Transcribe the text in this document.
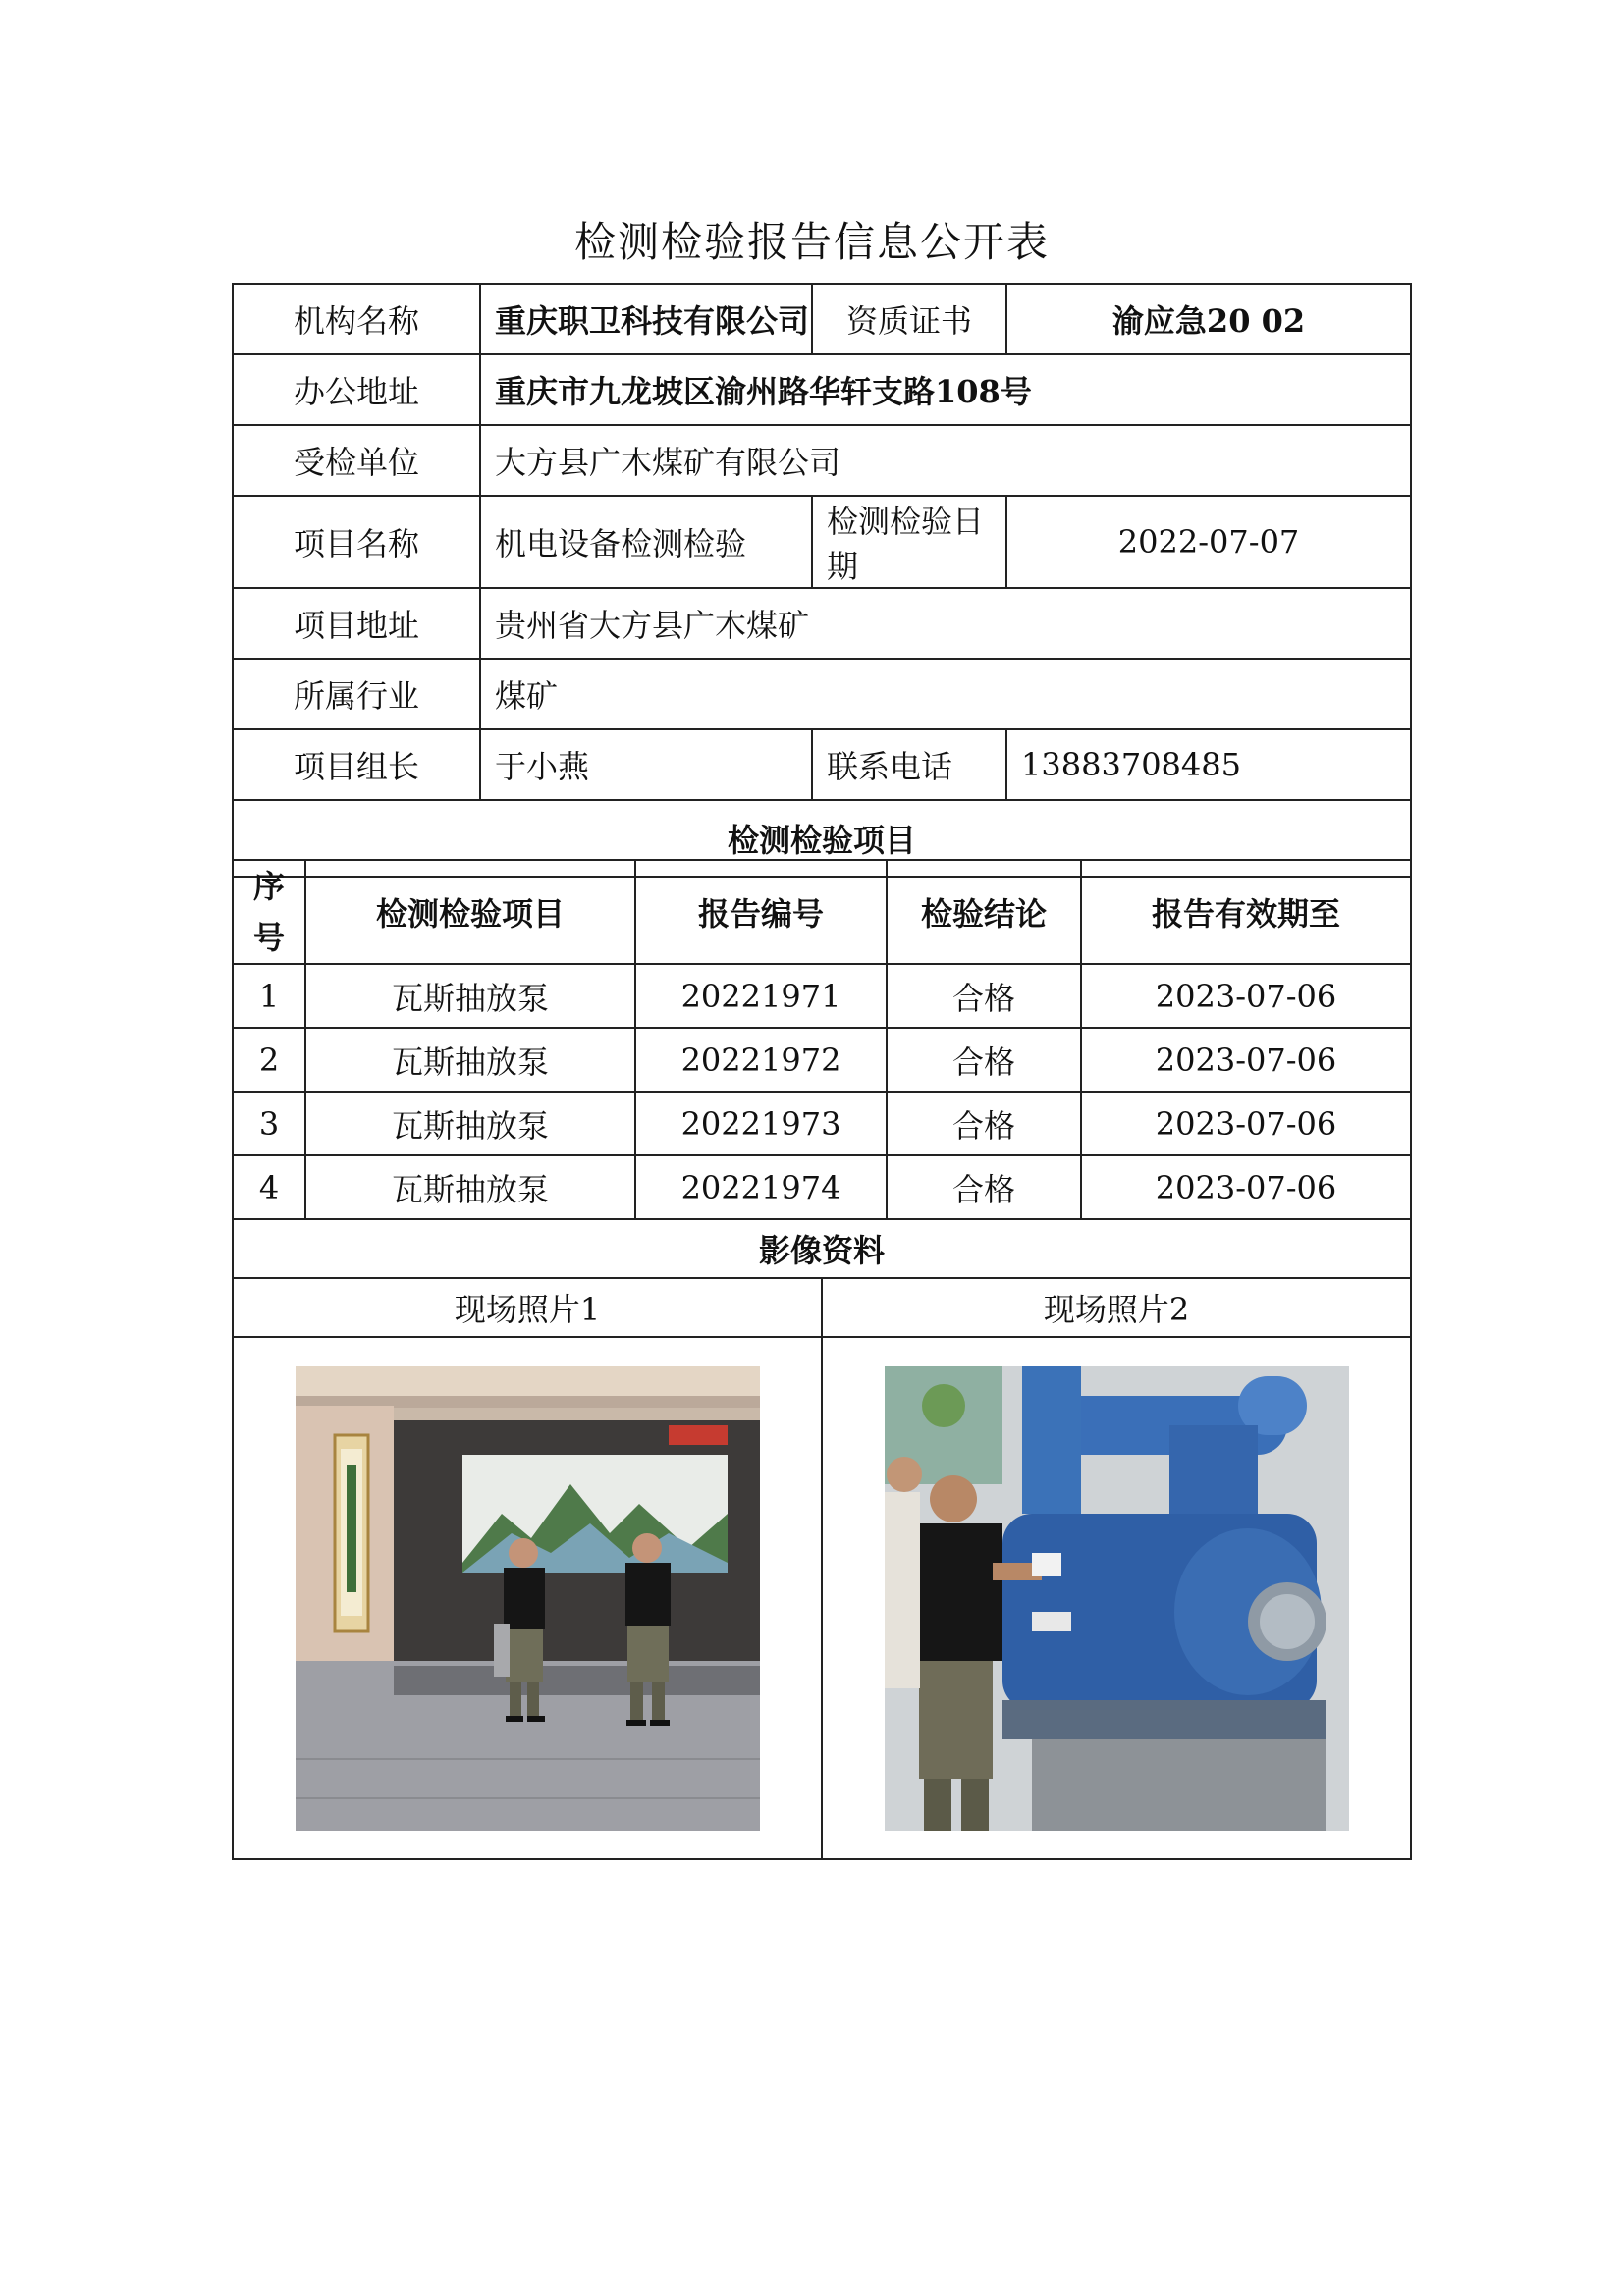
检测检验报告信息公开表
机构名称	重庆职卫科技有限公司	资质证书	渝应急20 02
办公地址	重庆市九龙坡区渝州路华轩支路108号		
受检单位	大方县广木煤矿有限公司		
项目名称	机电设备检测检验	检测检验日期	2022-07-07
项目地址	贵州省大方县广木煤矿		
所属行业	煤矿		
项目组长	于小燕	联系电话	13883708485
检测检验项目			
序号	检测检验项目	报告编号	检验结论	报告有效期至
1	瓦斯抽放泵	20221971	合格	2023-07-06
2	瓦斯抽放泵	20221972	合格	2023-07-06
3	瓦斯抽放泵	20221973	合格	2023-07-06
4	瓦斯抽放泵	20221974	合格	2023-07-06
影像资料	
现场照片1	现场照片2
